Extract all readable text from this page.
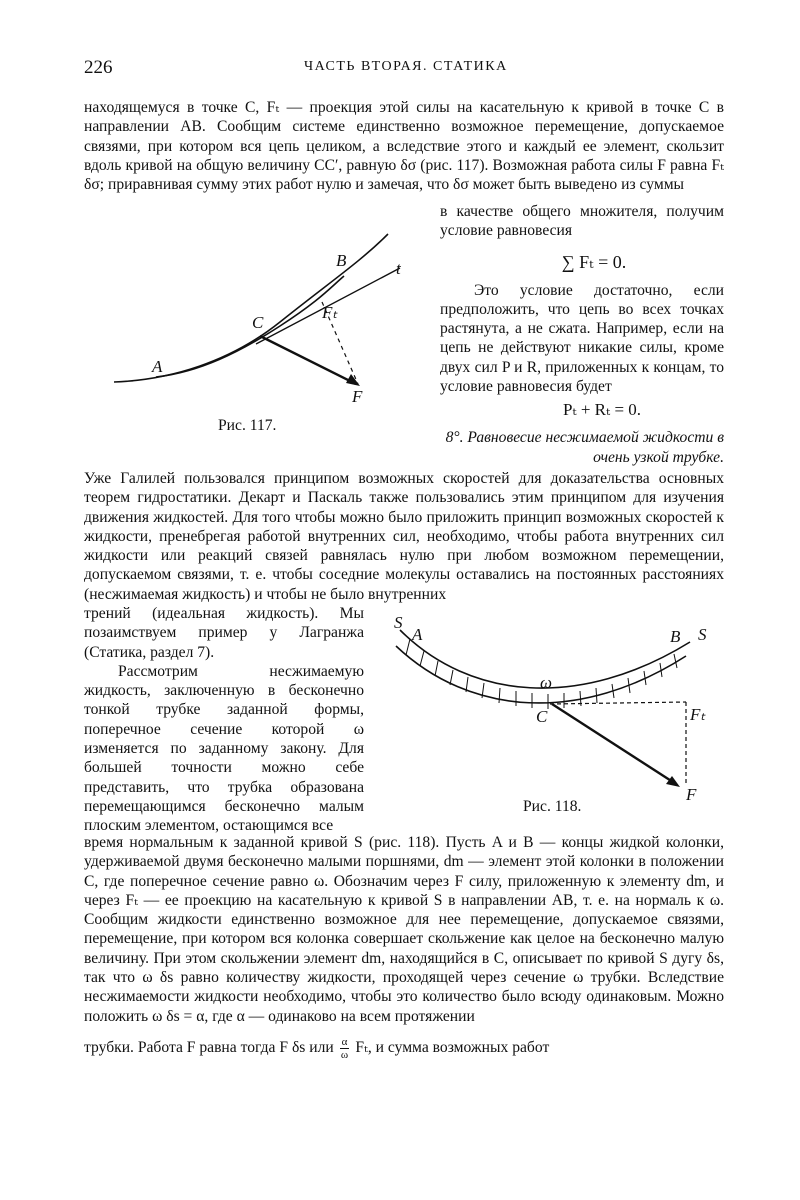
226	ЧАСТЬ ВТОРАЯ. СТАТИКА

находящемуся в точке C, Fₜ — проекция этой силы на касательную к кривой в точке C в направлении AB. Сообщим системе единственно возможное перемещение, допускаемое связями, при котором вся цепь целиком, а вследствие этого и каждый ее элемент, скользит вдоль кривой на общую величину CC′, равную δσ (рис. 117). Возможная работа силы F равна Fₜ δσ; приравнивая сумму этих работ нулю и замечая, что δσ может быть выведено из суммы

A
B
C
t
Fₜ
F

в качестве общего множителя, получим условие равновесия

∑ Fₜ = 0.

Это условие достаточно, если предположить, что цепь во всех точках растянута, а не сжата. Например, если на цепь не действуют никакие силы, кроме двух сил P и R, приложенных к концам, то условие равновесия будет

Pₜ + Rₜ = 0.

8°. Равновесие несжимаемой жидкости в очень узкой трубке.

Рис. 117.

Уже Галилей пользовался принципом возможных скоростей для доказательства основных теорем гидростатики. Декарт и Паскаль также пользовались этим принципом для изучения движения жидкостей. Для того чтобы можно было приложить принцип возможных скоростей к жидкости, пренебрегая работой внутренних сил, необходимо, чтобы работа внутренних сил жидкости или реакций связей равнялась нулю при любом возможном перемещении, допускаемом связями, т. е. чтобы соседние молекулы оставались на постоянных расстояниях (несжимаемая жидкость) и чтобы не было внутренних

трений (идеальная жидкость). Мы позаимствуем пример у Лагранжа (Статика, раздел 7).

Рассмотрим несжимаемую жидкость, заключенную в бесконечно тонкой трубке заданной формы, поперечное сечение которой ω изменяется по заданному закону. Для большей точности можно себе представить, что трубка образована перемещающимся бесконечно малым плоским элементом, остающимся все

S
A	B S
ω
C	Fₜ
F
Рис. 118.

время нормальным к заданной кривой S (рис. 118). Пусть A и B — концы жидкой колонки, удерживаемой двумя бесконечно малыми поршнями, dm — элемент этой колонки в положении C, где поперечное сечение равно ω. Обозначим через F силу, приложенную к элементу dm, и через Fₜ — ее проекцию на касательную к кривой S в направлении AB, т. е. на нормаль к ω. Сообщим жидкости единственно возможное для нее перемещение, допускаемое связями, перемещение, при котором вся колонка совершает скольжение как целое на бесконечно малую величину. При этом скольжении элемент dm, находящийся в C, описывает по кривой S дугу δs, так что ω δs равно количеству жидкости, проходящей через сечение ω трубки. Вследствие несжимаемости жидкости необходимо, чтобы это количество было всюду одинаковым. Можно положить ω δs = α, где α — одинаково на всем протяжении

трубки. Работа F равна тогда F δs или $\frac{\alpha}{\omega} F_t$, и сумма возможных работ
